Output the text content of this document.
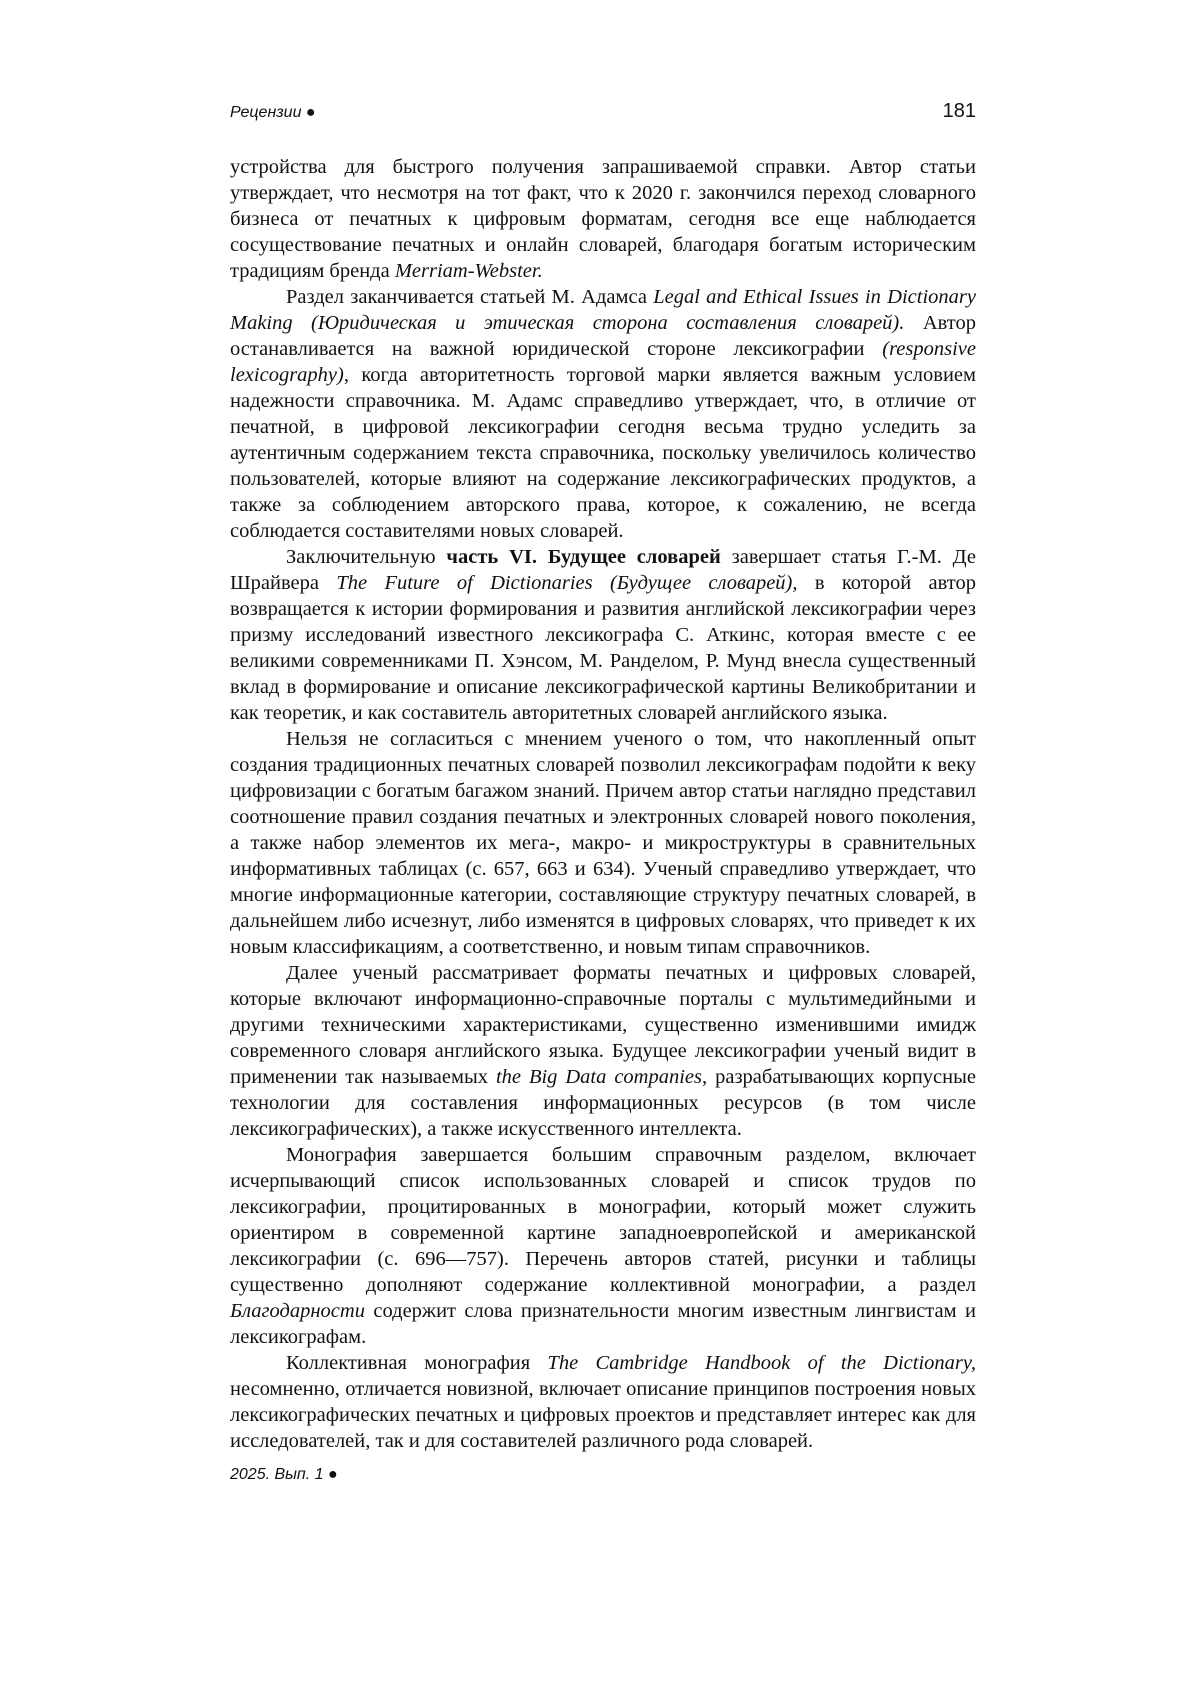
Рецензии ●	181

устройства для быстрого получения запрашиваемой справки. Автор статьи утверждает, что несмотря на тот факт, что к 2020 г. закончился переход словарного бизнеса от печатных к цифровым форматам, сегодня все еще наблюдается сосуществование печатных и онлайн словарей, благодаря богатым историческим традициям бренда Merriam-Webster.

Раздел заканчивается статьей М. Адамса Legal and Ethical Issues in Dictionary Making (Юридическая и этическая сторона составления словарей). Автор останавливается на важной юридической стороне лексикографии (responsive lexicography), когда авторитетность торговой марки является важным условием надежности справочника. М. Адамс справедливо утверждает, что, в отличие от печатной, в цифровой лексикографии сегодня весьма трудно уследить за аутентичным содержанием текста справочника, поскольку увеличилось количество пользователей, которые влияют на содержание лексикографических продуктов, а также за соблюдением авторского права, которое, к сожалению, не всегда соблюдается составителями новых словарей.

Заключительную часть VI. Будущее словарей завершает статья Г.-М. Де Шрайвера The Future of Dictionaries (Будущее словарей), в которой автор возвращается к истории формирования и развития английской лексикографии через призму исследований известного лексикографа С. Аткинс, которая вместе с ее великими современниками П. Хэнсом, М. Ранделом, Р. Мунд внесла существенный вклад в формирование и описание лексикографической картины Великобритании и как теоретик, и как составитель авторитетных словарей английского языка.

Нельзя не согласиться с мнением ученого о том, что накопленный опыт создания традиционных печатных словарей позволил лексикографам подойти к веку цифровизации с богатым багажом знаний. Причем автор статьи наглядно представил соотношение правил создания печатных и электронных словарей нового поколения, а также набор элементов их мега-, макро- и микроструктуры в сравнительных информативных таблицах (с. 657, 663 и 634). Ученый справедливо утверждает, что многие информационные категории, составляющие структуру печатных словарей, в дальнейшем либо исчезнут, либо изменятся в цифровых словарях, что приведет к их новым классификациям, а соответственно, и новым типам справочников.

Далее ученый рассматривает форматы печатных и цифровых словарей, которые включают информационно-справочные порталы с мультимедийными и другими техническими характеристиками, существенно изменившими имидж современного словаря английского языка. Будущее лексикографии ученый видит в применении так называемых the Big Data companies, разрабатывающих корпусные технологии для составления информационных ресурсов (в том числе лексикографических), а также искусственного интеллекта.

Монография завершается большим справочным разделом, включает исчерпывающий список использованных словарей и список трудов по лексикографии, процитированных в монографии, который может служить ориентиром в современной картине западноевропейской и американской лексикографии (с. 696—757). Перечень авторов статей, рисунки и таблицы существенно дополняют содержание коллективной монографии, а раздел Благодарности содержит слова признательности многим известным лингвистам и лексикографам.

Коллективная монография The Cambridge Handbook of the Dictionary, несомненно, отличается новизной, включает описание принципов построения новых лексикографических печатных и цифровых проектов и представляет интерес как для исследователей, так и для составителей различного рода словарей.

2025. Вып. 1 ●
